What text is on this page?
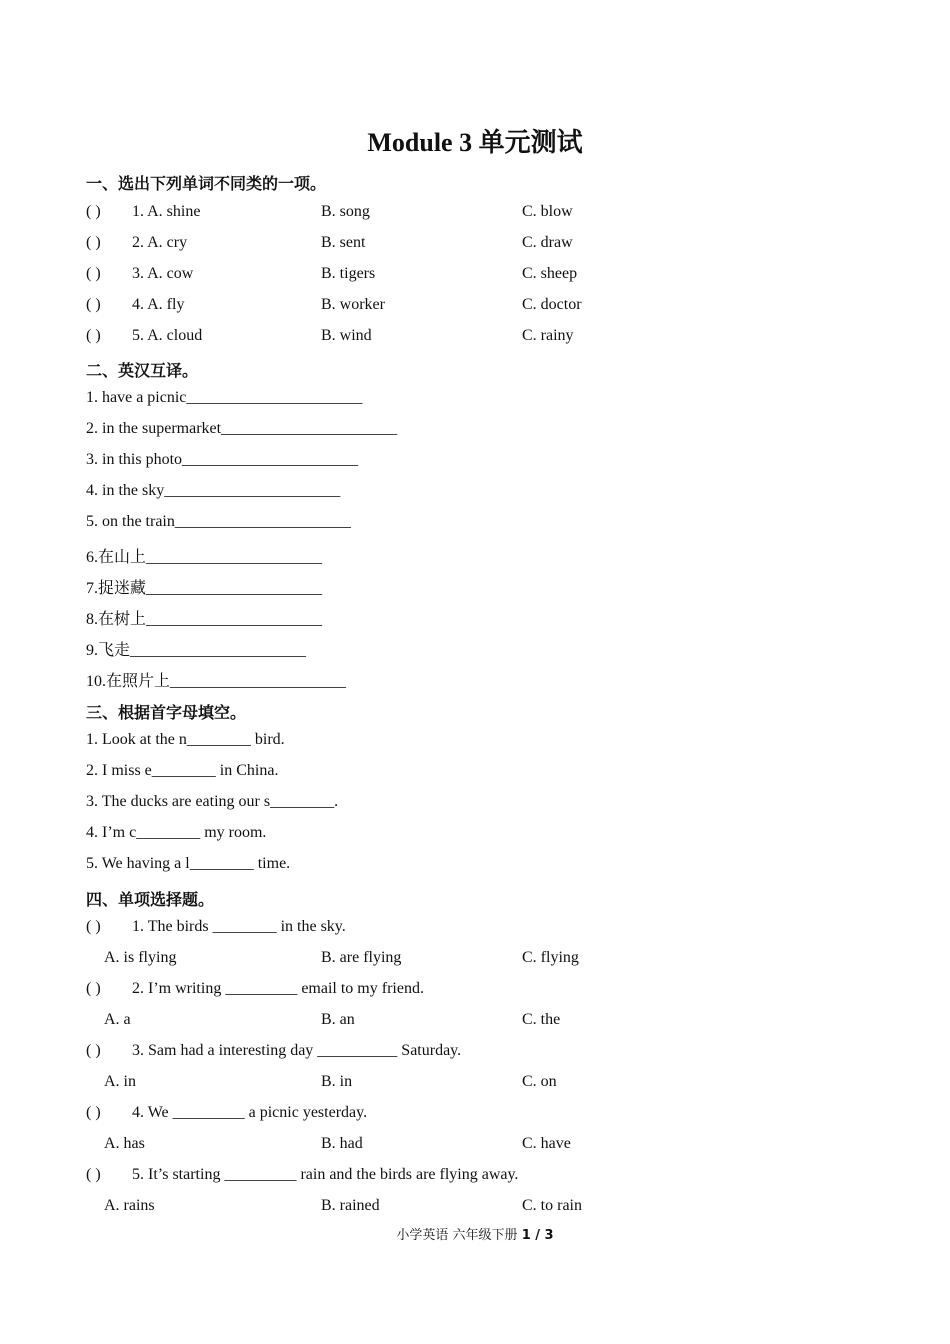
Module 3 单元测试
一、选出下列单词不同类的一项。
( ) 1. A. shine	B. song	C. blow
( ) 2. A. cry	B. sent	C. draw
( ) 3. A. cow	B. tigers	C. sheep
( ) 4. A. fly	B. worker	C. doctor
( ) 5. A. cloud	B. wind	C. rainy
二、英汉互译。
1. have a picnic______________________
2. in the supermarket______________________
3. in this photo______________________
4. in the sky______________________
5. on the train______________________
6.在山上______________________
7.捉迷藏______________________
8.在树上______________________
9.飞走______________________
10.在照片上______________________
三、根据首字母填空。
1. Look at the n________ bird.
2. I miss e________ in China.
3. The ducks are eating our s________.
4. I’m c________ my room.
5. We having a l________ time.
四、单项选择题。
( ) 1. The birds ________ in the sky.
A. is flying	B. are flying	C. flying
( ) 2. I’m writing _________ email to my friend.
A. a	B. an	C. the
( ) 3. Sam had a interesting day __________ Saturday.
A. in	B. in	C. on
( ) 4. We _________ a picnic yesterday.
A. has	B. had	C. have
( ) 5. It’s starting _________ rain and the birds are flying away.
A. rains	B. rained	C. to rain
小学英语 六年级下册 1 / 3
